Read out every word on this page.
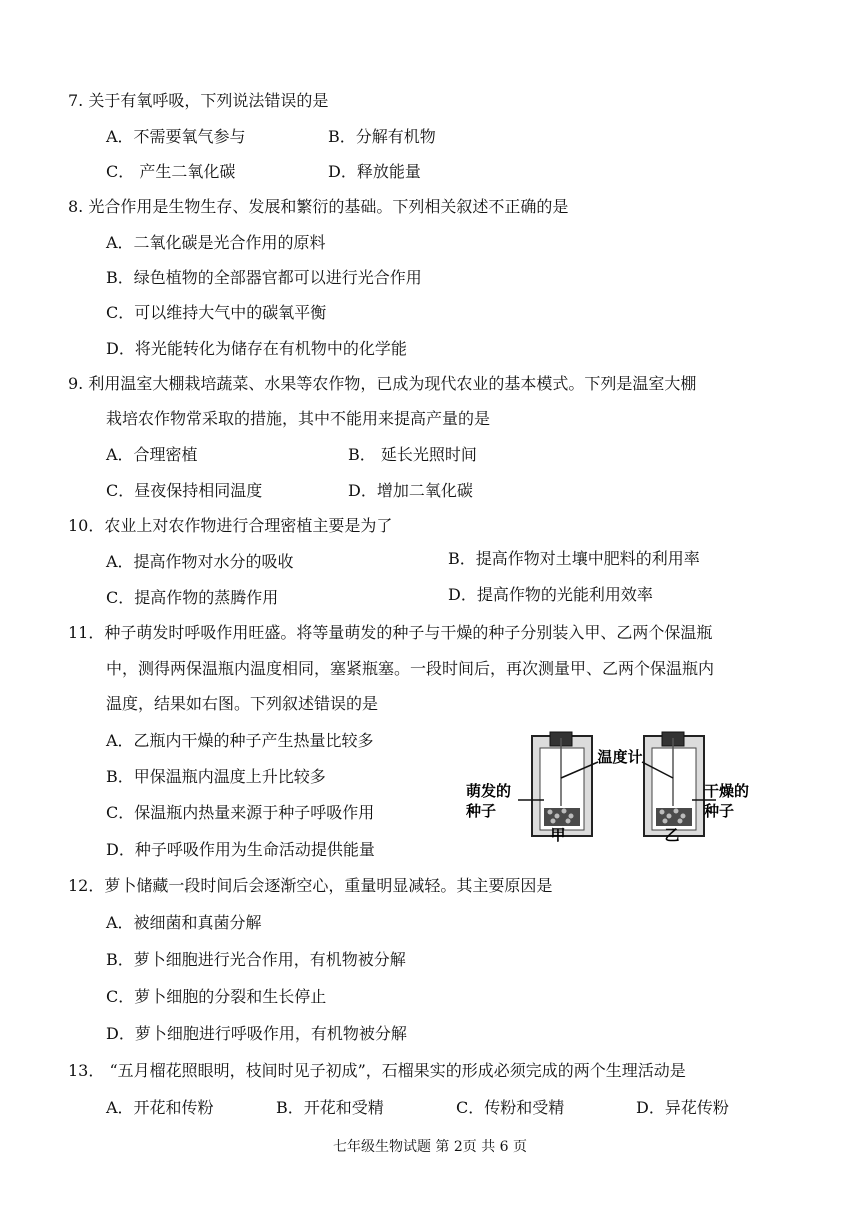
7. 关于有氧呼吸，下列说法错误的是
A．不需要氧气参与	B．分解有机物
C． 产生二氧化碳	D．释放能量
8. 光合作用是生物生存、发展和繁衍的基础。下列相关叙述不正确的是
A．二氧化碳是光合作用的原料
B．绿色植物的全部器官都可以进行光合作用
C．可以维持大气中的碳氧平衡
D．将光能转化为储存在有机物中的化学能
9. 利用温室大棚栽培蔬菜、水果等农作物，已成为现代农业的基本模式。下列是温室大棚
栽培农作物常采取的措施，其中不能用来提高产量的是
A．合理密植	B． 延长光照时间
C．昼夜保持相同温度	D．增加二氧化碳
10．农业上对农作物进行合理密植主要是为了
A．提高作物对水分的吸收	B．提高作物对土壤中肥料的利用率
C．提高作物的蒸腾作用	D．提高作物的光能利用效率
11．种子萌发时呼吸作用旺盛。将等量萌发的种子与干燥的种子分别装入甲、乙两个保温瓶
中，测得两保温瓶内温度相同，塞紧瓶塞。一段时间后，再次测量甲、乙两个保温瓶内
温度，结果如右图。下列叙述错误的是
A．乙瓶内干燥的种子产生热量比较多
B．甲保温瓶内温度上升比较多
C．保温瓶内热量来源于种子呼吸作用
D．种子呼吸作用为生命活动提供能量
温度计
萌发的
种子
干燥的
种子
甲	乙
12．萝卜储藏一段时间后会逐渐空心，重量明显减轻。其主要原因是
A．被细菌和真菌分解
B．萝卜细胞进行光合作用，有机物被分解
C．萝卜细胞的分裂和生长停止
D．萝卜细胞进行呼吸作用，有机物被分解
13． “五月榴花照眼明，枝间时见子初成”，石榴果实的形成必须完成的两个生理活动是
A．开花和传粉	B．开花和受精	C．传粉和受精	D．异花传粉
七年级生物试题 第 2页 共 6 页
